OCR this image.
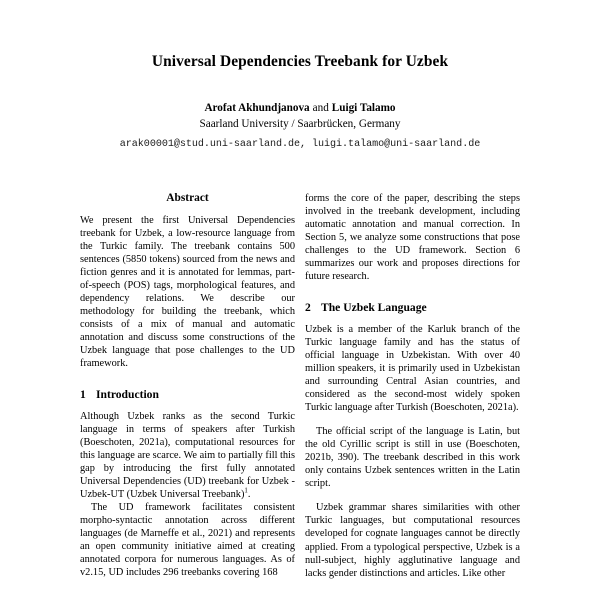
Universal Dependencies Treebank for Uzbek
Arofat Akhundjanova and Luigi Talamo
Saarland University / Saarbrücken, Germany
arak00001@stud.uni-saarland.de, luigi.talamo@uni-saarland.de
Abstract

We present the first Universal Dependencies treebank for Uzbek, a low-resource language from the Turkic family. The treebank contains 500 sentences (5850 tokens) sourced from the news and fiction genres and it is annotated for lemmas, part-of-speech (POS) tags, morphological features, and dependency relations. We describe our methodology for building the treebank, which consists of a mix of manual and automatic annotation and discuss some constructions of the Uzbek language that pose challenges to the UD framework.

1 Introduction

Although Uzbek ranks as the second Turkic language in terms of speakers after Turkish (Boeschoten, 2021a), computational resources for this language are scarce. We aim to partially fill this gap by introducing the first fully annotated Universal Dependencies (UD) treebank for Uzbek - Uzbek-UT (Uzbek Universal Treebank)$^1$.

The UD framework facilitates consistent morpho-syntactic annotation across different languages (de Marneffe et al., 2021) and represents an open community initiative aimed at creating annotated corpora for numerous languages. As of v2.15, UD includes 296 treebanks covering 168

forms the core of the paper, describing the steps involved in the treebank development, including automatic annotation and manual correction. In Section 5, we analyze some constructions that pose challenges to the UD framework. Section 6 summarizes our work and proposes directions for future research.

2 The Uzbek Language

Uzbek is a member of the Karluk branch of the Turkic language family and has the status of official language in Uzbekistan. With over 40 million speakers, it is primarily used in Uzbekistan and surrounding Central Asian countries, and considered as the second-most widely spoken Turkic language after Turkish (Boeschoten, 2021a).

The official script of the language is Latin, but the old Cyrillic script is still in use (Boeschoten, 2021b, 390). The treebank described in this work only contains Uzbek sentences written in the Latin script.

Uzbek grammar shares similarities with other Turkic languages, but computational resources developed for cognate languages cannot be directly applied. From a typological perspective, Uzbek is a null-subject, highly agglutinative language and lacks gender distinctions and articles. Like other
